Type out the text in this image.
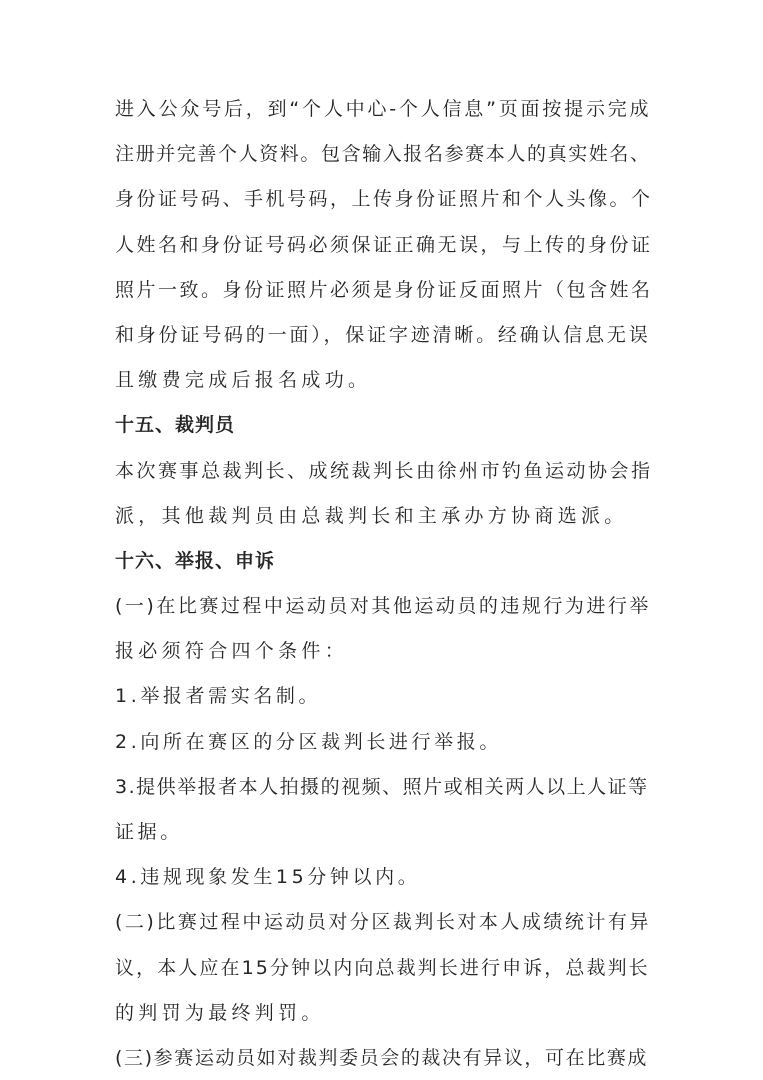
进入公众号后，到“个人中心-个人信息”页面按提示完成
注册并完善个人资料。包含输入报名参赛本人的真实姓名、
身份证号码、手机号码，上传身份证照片和个人头像。个
人姓名和身份证号码必须保证正确无误，与上传的身份证
照片一致。身份证照片必须是身份证反面照片（包含姓名
和身份证号码的一面），保证字迹清晰。经确认信息无误
且缴费完成后报名成功。
十五、裁判员
本次赛事总裁判长、成统裁判长由徐州市钓鱼运动协会指
派，其他裁判员由总裁判长和主承办方协商选派。
十六、举报、申诉
(一)在比赛过程中运动员对其他运动员的违规行为进行举
报必须符合四个条件：
1.举报者需实名制。
2.向所在赛区的分区裁判长进行举报。
3.提供举报者本人拍摄的视频、照片或相关两人以上人证等
证据。
4.违规现象发生15分钟以内。
(二)比赛过程中运动员对分区裁判长对本人成绩统计有异
议，本人应在15分钟以内向总裁判长进行申诉，总裁判长
的判罚为最终判罚。
(三)参赛运动员如对裁判委员会的裁决有异议，可在比赛成
